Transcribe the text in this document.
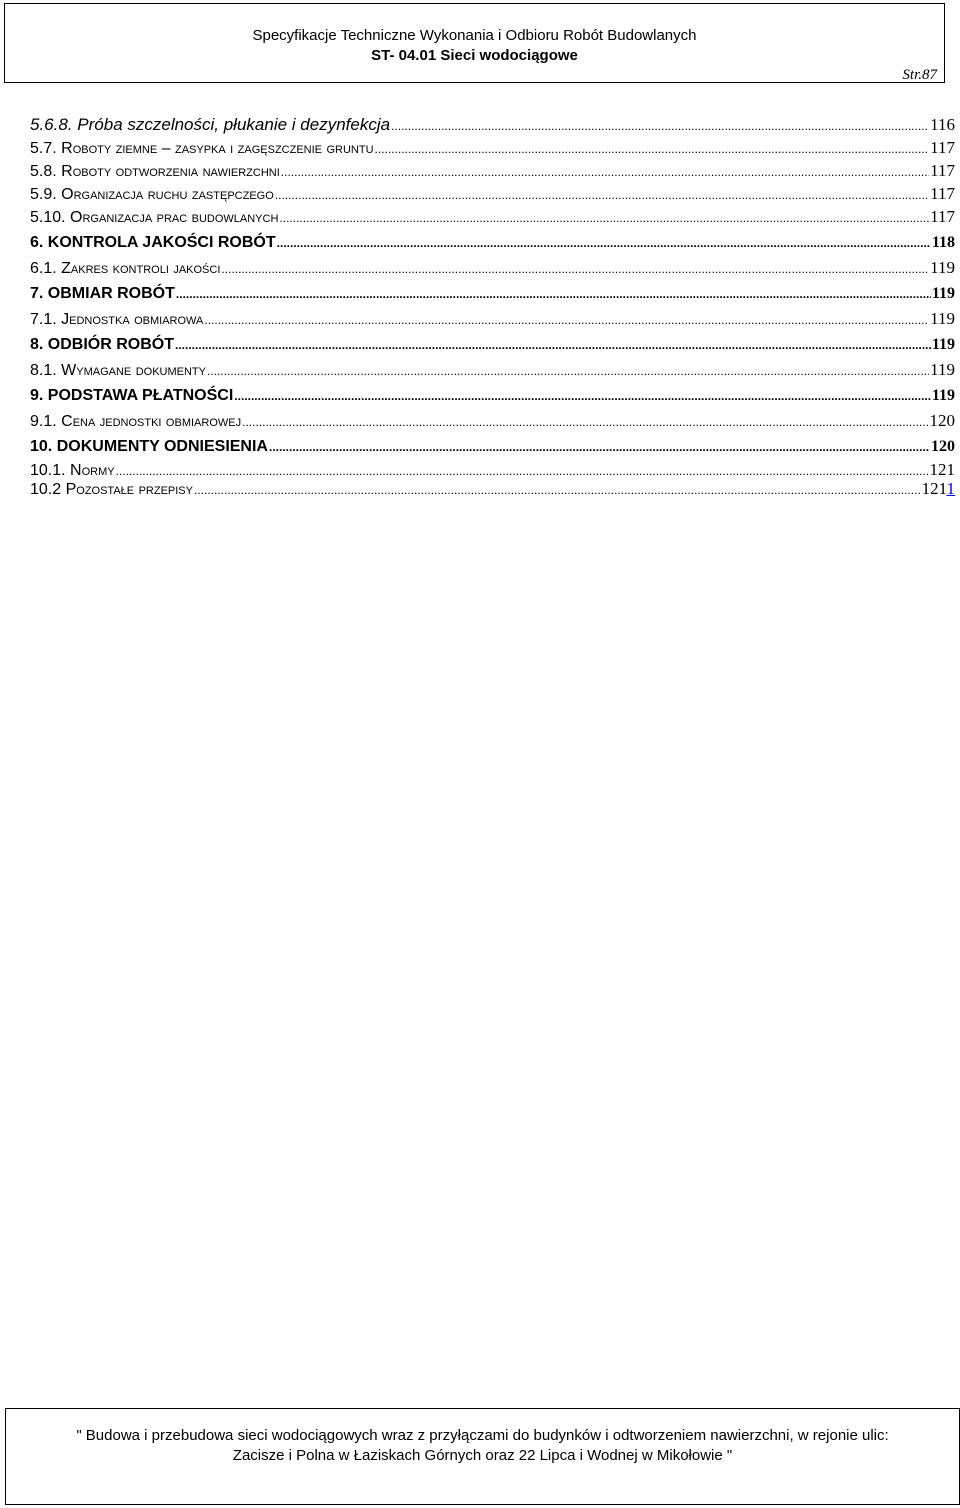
Specyfikacje Techniczne Wykonania i Odbioru Robót Budowlanych
ST- 04.01 Sieci wodociągowe
Str.87
5.6.8. Próba szczelności, płukanie i dezynfekcja .....	116
5.7. Roboty ziemne – zasypka i zagęszczenie gruntu .....	117
5.8. Roboty odtworzenia nawierzchni .....	117
5.9. Organizacja ruchu zastępczego .....	117
5.10. Organizacja prac budowlanych .....	117
6. KONTROLA JAKOŚCI ROBÓT .....	118
6.1. Zakres kontroli jakości .....	119
7. OBMIAR ROBÓT .....	119
7.1. Jednostka obmiarowa .....	119
8. ODBIÓR ROBÓT .....	119
8.1. Wymagane dokumenty .....	119
9. PODSTAWA PŁATNOŚCI .....	119
9.1. Cena jednostki obmiarowej .....	120
10. DOKUMENTY ODNIESIENIA .....	120
10.1. Normy .....	121
10.2 Pozostałe przepisy .....	1211
" Budowa i przebudowa sieci wodociągowych wraz z przyłączami do budynków i odtworzeniem nawierzchni, w rejonie ulic:
Zacisze i Polna w Łaziskach Górnych oraz 22 Lipca i Wodnej w Mikołowie "
